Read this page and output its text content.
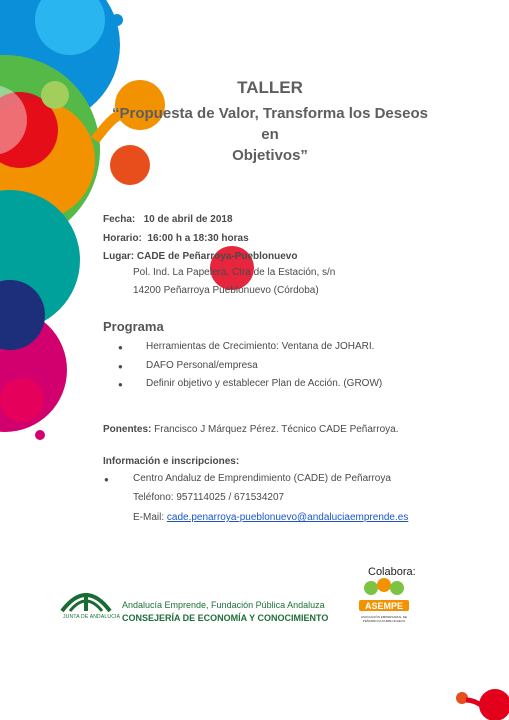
TALLER
“Propuesta de Valor, Transforma los Deseos en
Objetivos”
Fecha: 10 de abril de 2018
Horario: 16:00 h a 18:30 horas
Lugar: CADE de Peñarroya-Pueblonuevo
Pol. Ind. La Papelera, Ctra de la Estación, s/n
14200 Peñarroya Pueblonuevo (Córdoba)
Programa
● Herramientas de Crecimiento: Ventana de JOHARI.
● DAFO Personal/empresa
● Definir objetivo y establecer Plan de Acción. (GROW)
Ponentes: Francisco J Márquez Pérez. Técnico CADE Peñarroya.
Información e inscripciones:
● Centro Andaluz de Emprendimiento (CADE) de Peñarroya
Teléfono: 957114025 / 671534207
E-Mail: cade.penarroya-pueblonuevo@andaluciaemprende.es
Colabora:
JUNTA DE ANDALUCIA
Andalucía Emprende, Fundación Pública Andaluza
CONSEJERÍA DE ECONOMÍA Y CONOCIMIENTO
ASEMPE
ASOCIACIÓN EMPRESARIAL DE PEÑARROYA-PUEBLONUEVO
